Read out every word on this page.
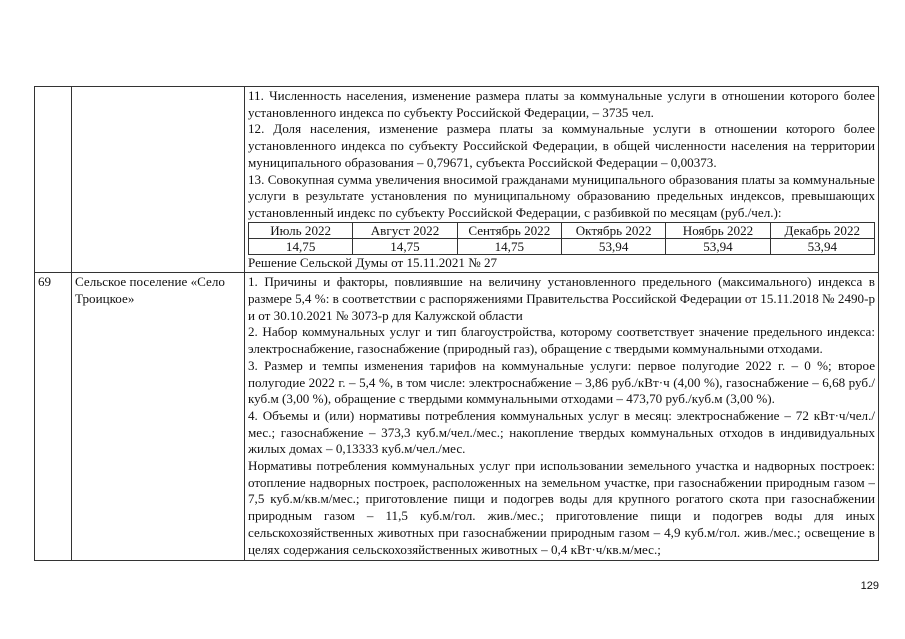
11. Численность населения, изменение размера платы за коммунальные услуги в отношении которого более установленного индекса по субъекту Российской Федерации, – 3735 чел.

12. Доля населения, изменение размера платы за коммунальные услуги в отношении которого более установленного индекса по субъекту Российской Федерации, в общей численности населения на территории муниципального образования – 0,79671, субъекта Российской Федерации – 0,00373.

13. Совокупная сумма увеличения вносимой гражданами муниципального образования платы за коммунальные услуги в результате установления по муниципальному образованию предельных индексов, превышающих установленный индекс по субъекту Российской Федерации, с разбивкой по месяцам (руб./чел.):

Июль 2022	Август 2022	Сентябрь 2022	Октябрь 2022	Ноябрь 2022	Декабрь 2022
14,75	14,75	14,75	53,94	53,94	53,94

Решение Сельской Думы от 15.11.2021 № 27

69	Сельское поселение «Село Троицкое»	

1. Причины и факторы, повлиявшие на величину установленного предельного (максимального) индекса в размере 5,4 %: в соответствии с распоряжениями Правительства Российской Федерации от 15.11.2018 № 2490-р и от 30.10.2021 № 3073-р для Калужской области

2. Набор коммунальных услуг и тип благоустройства, которому соответствует значение предельного индекса: электроснабжение, газоснабжение (природный газ), обращение с твердыми коммунальными отходами.

3. Размер и темпы изменения тарифов на коммунальные услуги: первое полугодие 2022 г. – 0 %; второе полугодие 2022 г. – 5,4 %, в том числе: электроснабжение – 3,86 руб./кВт·ч (4,00 %), газоснабжение – 6,68 руб./куб.м (3,00 %), обращение с твердыми коммунальными отходами – 473,70 руб./куб.м (3,00 %).

4. Объемы и (или) нормативы потребления коммунальных услуг в месяц: электроснабжение – 72 кВт·ч/чел./мес.; газоснабжение – 373,3 куб.м/чел./мес.; накопление твердых коммунальных отходов в индивидуальных жилых домах – 0,13333 куб.м/чел./мес.

Нормативы потребления коммунальных услуг при использовании земельного участка и надворных построек: отопление надворных построек, расположенных на земельном участке, при газоснабжении природным газом – 7,5 куб.м/кв.м/мес.; приготовление пищи и подогрев воды для крупного рогатого скота при газоснабжении природным газом – 11,5 куб.м/гол. жив./мес.; приготовление пищи и подогрев воды для иных сельскохозяйственных животных при газоснабжении природным газом – 4,9 куб.м/гол. жив./мес.; освещение в целях содержания сельскохозяйственных животных – 0,4 кВт·ч/кв.м/мес.;

129
